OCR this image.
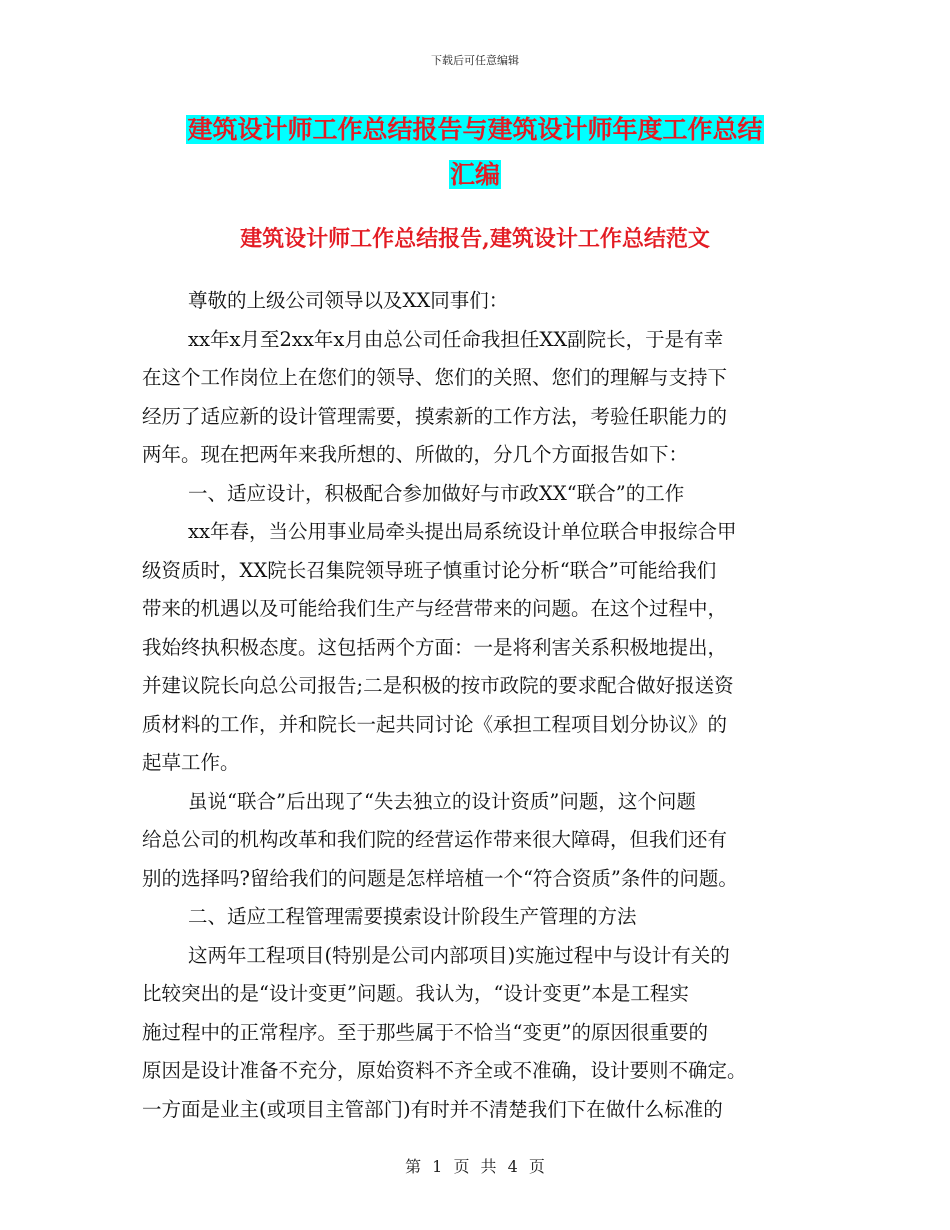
下载后可任意编辑
建筑设计师工作总结报告与建筑设计师年度工作总结
汇编
建筑设计师工作总结报告,建筑设计工作总结范文
尊敬的上级公司领导以及XX同事们：
xx年x月至2xx年x月由总公司任命我担任XX副院长，于是有幸
在这个工作岗位上在您们的领导、您们的关照、您们的理解与支持下
经历了适应新的设计管理需要，摸索新的工作方法，考验任职能力的
两年。现在把两年来我所想的、所做的，分几个方面报告如下：
一、适应设计，积极配合参加做好与市政XX“联合”的工作
xx年春，当公用事业局牵头提出局系统设计单位联合申报综合甲
级资质时，XX院长召集院领导班子慎重讨论分析“联合”可能给我们
带来的机遇以及可能给我们生产与经营带来的问题。在这个过程中，
我始终执积极态度。这包括两个方面：一是将利害关系积极地提出，
并建议院长向总公司报告;二是积极的按市政院的要求配合做好报送资
质材料的工作，并和院长一起共同讨论《承担工程项目划分协议》的
起草工作。
虽说“联合”后出现了“失去独立的设计资质”问题，这个问题
给总公司的机构改革和我们院的经营运作带来很大障碍，但我们还有
别的选择吗?留给我们的问题是怎样培植一个“符合资质”条件的问题。
二、适应工程管理需要摸索设计阶段生产管理的方法
这两年工程项目(特别是公司内部项目)实施过程中与设计有关的
比较突出的是“设计变更”问题。我认为，“设计变更”本是工程实
施过程中的正常程序。至于那些属于不恰当“变更”的原因很重要的
原因是设计准备不充分，原始资料不齐全或不准确，设计要则不确定。
一方面是业主(或项目主管部门)有时并不清楚我们下在做什么标准的
第 1 页 共 4 页
